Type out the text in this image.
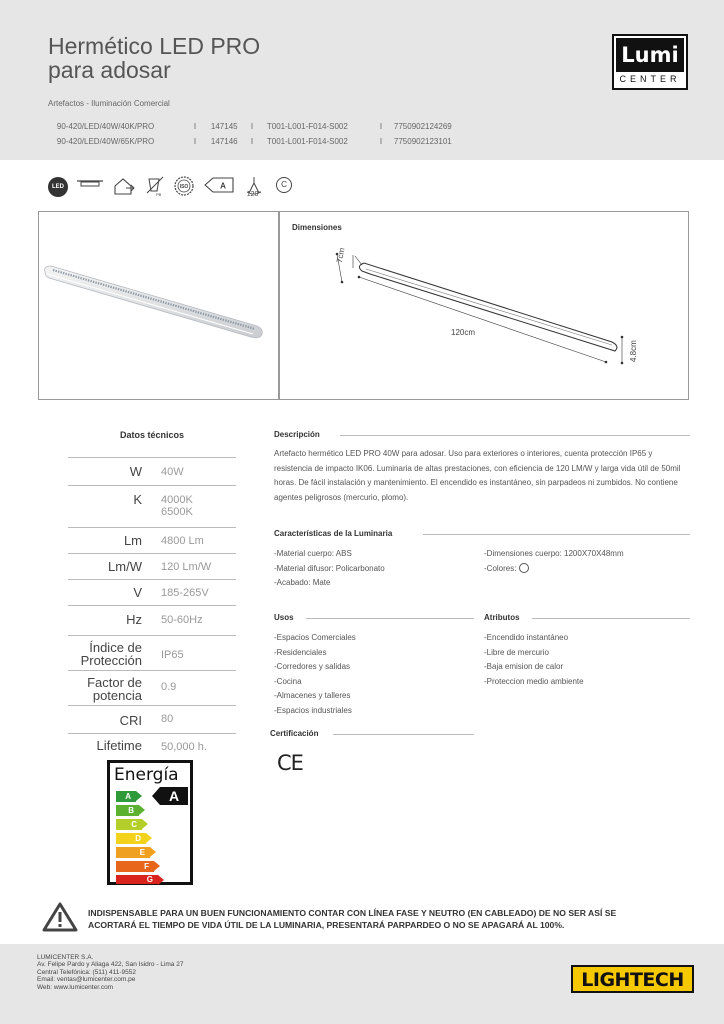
Hermético LED PRO
para adosar
Artefactos - Iluminación Comercial

90-420/LED/40W/40K/PRO	I 147145 I T001-L001-F014-S002	I 7750902124269

90-420/LED/40W/65K/PRO	I 147146 I T001-L001-F014-S002	I 7750902123101

Lumi
CENTER
LED
PB
ISO	A
120°
C
Dimensiones
7cm
120cm
4.8cm
Datos técnicos
W 40W
K 4000K
6500K
Lm 4800 Lm
Lm/W 120 Lm/W
V 185-265V
Hz 50-60Hz
Índice de
Protección IP65
Factor de
potencia
0.9
CRI 80
Lifetime 50,000 h.
Energía
A
A
B
C
D
E
F
G
Descripción
Artefacto hermético LED PRO 40W para adosar. Uso para exteriores o interiores, cuenta protección IP65 y resistencia de impacto IK06. Luminaria de altas prestaciones, con eficiencia de 120 LM/W y larga vida útil de 50mil horas. De fácil instalación y mantenimiento. El encendido es instantáneo, sin parpadeos ni zumbidos. No contiene agentes peligrosos (mercurio, plomo).
Características de la Luminaria
-Material cuerpo: ABS
-Material difusor: Policarbonato
-Acabado: Mate
-Dimensiones cuerpo: 1200X70X48mm
-Colores:
Usos
-Espacios Comerciales
-Residenciales
-Corredores y salidas
-Cocina
-Almacenes y talleres
-Espacios industriales
Atributos
-Encendido instantáneo
-Libre de mercurio
-Baja emision de calor
-Proteccion medio ambiente
Certificación
CE
INDISPENSABLE PARA UN BUEN FUNCIONAMIENTO CONTAR CON LÍNEA FASE Y NEUTRO (EN CABLEADO) DE NO SER ASÍ SE
ACORTARÁ EL TIEMPO DE VIDA ÚTIL DE LA LUMINARIA, PRESENTARÁ PARPARDEO O NO SE APAGARÁ AL 100%.
LUMICENTER S.A.
Av. Felipe Pardo y Aliaga 422, San Isidro - Lima 27
Central Telefónica: (511) 411-9552
Email: ventas@lumicenter.com.pe
Web: www.lumicenter.com	LIGHTECH
